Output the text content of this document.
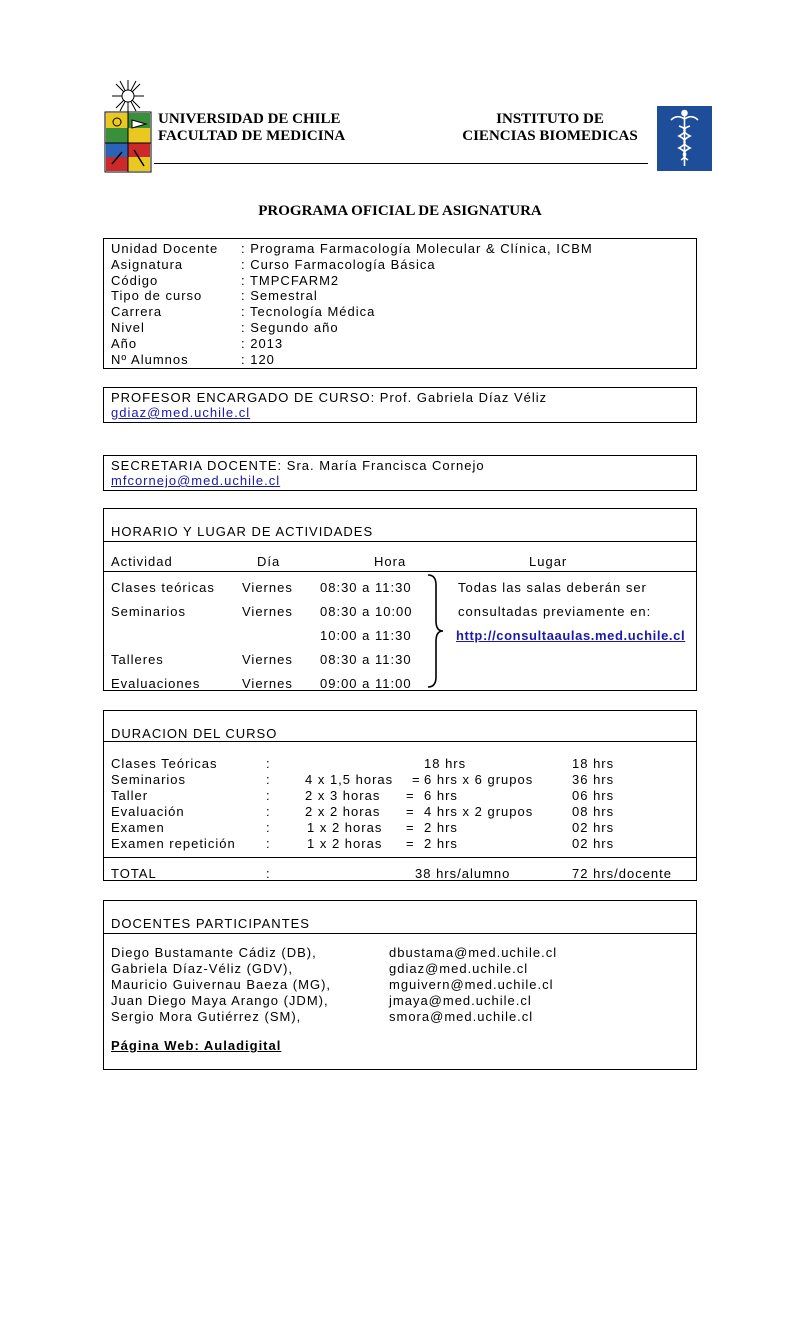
UNIVERSIDAD DE CHILE
FACULTAD DE MEDICINA
INSTITUTO DE
CIENCIAS BIOMEDICAS
PROGRAMA OFICIAL DE ASIGNATURA
Unidad Docente : Programa Farmacología Molecular & Clínica, ICBM
Asignatura	: Curso Farmacología Básica
Código	: TMPCFARM2
Tipo de curso	: Semestral
Carrera	: Tecnología Médica
Nivel	: Segundo año
Año	: 2013
Nº Alumnos	: 120
PROFESOR ENCARGADO DE CURSO: Prof. Gabriela Díaz Véliz
gdiaz@med.uchile.cl
SECRETARIA DOCENTE: Sra. María Francisca Cornejo
mfcornejo@med.uchile.cl
HORARIO Y LUGAR DE ACTIVIDADES
Actividad	Día	Hora	Lugar
Clases teóricas Viernes 08:30 a 11:30
Seminarios	Viernes 08:30 a 10:00
10:00 a 11:30
Talleres	Viernes 08:30 a 11:30
Evaluaciones	Viernes 09:00 a 11:00
Todas las salas deberán ser
consultadas previamente en:
http://consultaaulas.med.uchile.cl
DURACION DEL CURSO
Clases Teóricas	:	18 hrs	18 hrs
Seminarios	:	4 x 1,5 horas = 6 hrs x 6 grupos	36 hrs
Taller	:	2 x 3 horas = 6 hrs	06 hrs
Evaluación	:	2 x 2 horas = 4 hrs x 2 grupos	08 hrs
Examen	:	1 x 2 horas = 2 hrs	02 hrs
Examen repetición :	1 x 2 horas = 2 hrs	02 hrs
TOTAL	:	38 hrs/alumno	72 hrs/docente
DOCENTES PARTICIPANTES
Diego Bustamante Cádiz (DB),	dbustama@med.uchile.cl
Gabriela Díaz-Véliz (GDV),	gdiaz@med.uchile.cl
Mauricio Guivernau Baeza (MG),	mguivern@med.uchile.cl
Juan Diego Maya Arango (JDM),	jmaya@med.uchile.cl
Sergio Mora Gutiérrez (SM),	smora@med.uchile.cl
Página Web: Auladigital
